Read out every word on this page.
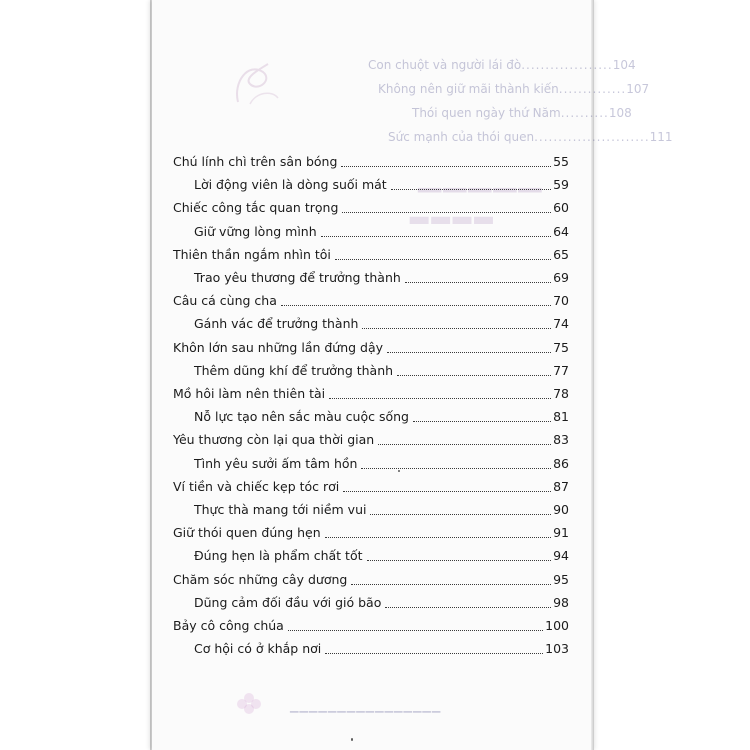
Con chuột và người lái đò...................104
Không nên giữ mãi thành kiến..............107
Thói quen ngày thứ Năm..........108
Sức mạnh của thói quen........................111
▁▁▁▁▁
▂▂▂▂
▁▁▁▁▁▁▁▁▁▁▁▁▁▁▁▁
Chú lính chì trên sân bóng	55
Lời động viên là dòng suối mát	59
Chiếc công tắc quan trọng	60
Giữ vững lòng mình	64
Thiên thần ngắm nhìn tôi	65
Trao yêu thương để trưởng thành	69
Câu cá cùng cha	70
Gánh vác để trưởng thành	74
Khôn lớn sau những lần đứng dậy	75
Thêm dũng khí để trưởng thành	77
Mồ hôi làm nên thiên tài	78
Nỗ lực tạo nên sắc màu cuộc sống	81
Yêu thương còn lại qua thời gian	83
Tình yêu sưởi ấm tâm hồn	86
Ví tiền và chiếc kẹp tóc rơi	87
Thực thà mang tới niềm vui	90
Giữ thói quen đúng hẹn	91
Đúng hẹn là phẩm chất tốt	94
Chăm sóc những cây dương	95
Dũng cảm đối đầu với gió bão	98
Bảy cô công chúa	100
Cơ hội có ở khắp nơi	103
